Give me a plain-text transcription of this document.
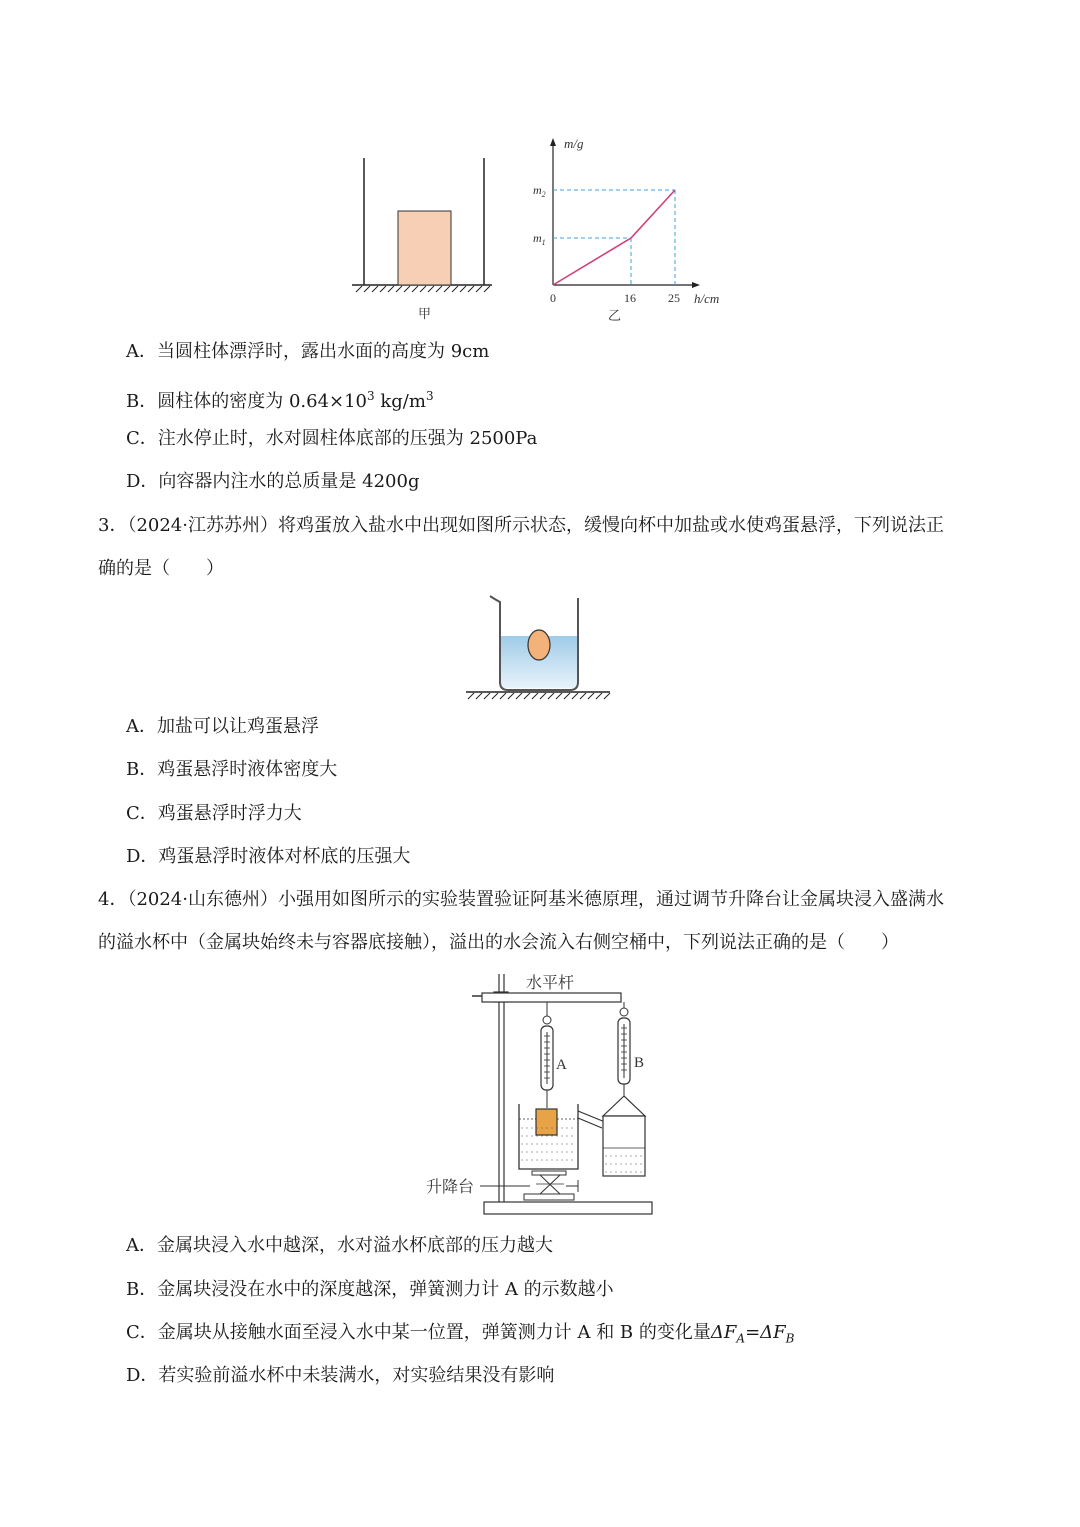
甲
m/g
$m_2$
$m_1$
0	16	25 h/cm
乙
A．当圆柱体漂浮时，露出水面的高度为 9cm
B．圆柱体的密度为 $0.64\times 10^3$ $kg/m^3$
C．注水停止时，水对圆柱体底部的压强为 2500Pa
D．向容器内注水的总质量是 4200g
3．（2024·江苏苏州）将鸡蛋放入盐水中出现如图所示状态，缓慢向杯中加盐或水使鸡蛋悬浮，下列说法正
确的是（　　）
A．加盐可以让鸡蛋悬浮
B．鸡蛋悬浮时液体密度大
C．鸡蛋悬浮时浮力大
D．鸡蛋悬浮时液体对杯底的压强大
4．（2024·山东德州）小强用如图所示的实验装置验证阿基米德原理，通过调节升降台让金属块浸入盛满水
的溢水杯中（金属块始终未与容器底接触），溢出的水会流入右侧空桶中，下列说法正确的是（　　）
水平杆
A	B
升降台
A．金属块浸入水中越深，水对溢水杯底部的压力越大
B．金属块浸没在水中的深度越深，弹簧测力计 A 的示数越小
C．金属块从接触水面至浸入水中某一位置，弹簧测力计 A 和 B 的变化量$\Delta F_A=\Delta F_B$
D．若实验前溢水杯中未装满水，对实验结果没有影响
